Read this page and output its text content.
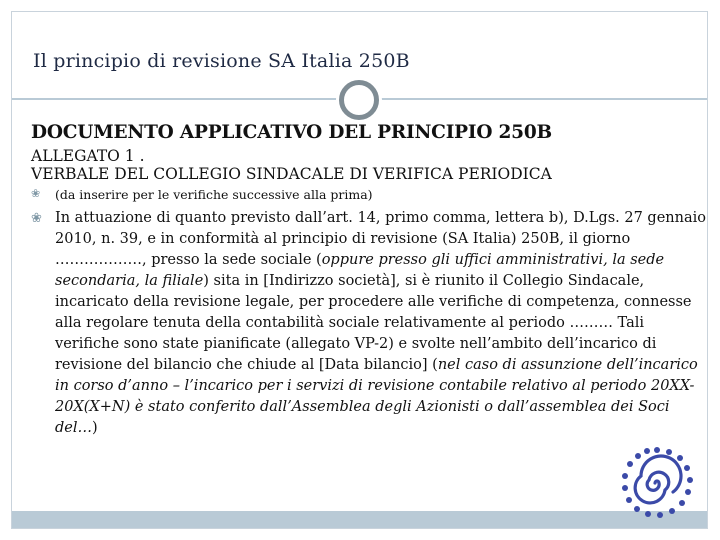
Il principio di revisione SA Italia 250B
DOCUMENTO APPLICATIVO DEL PRINCIPIO 250B
ALLEGATO 1 .
VERBALE DEL COLLEGIO SINDACALE DI VERIFICA PERIODICA
❀ (da inserire per le verifiche successive alla prima)
❀ In attuazione di quanto previsto dall’art. 14, primo comma, lettera b), D.Lgs. 27 gennaio 2010, n. 39, e in conformità al principio di revisione (SA Italia) 250B, il giorno ………………, presso la sede sociale (oppure presso gli uffici amministrativi, la sede secondaria, la filiale) sita in [Indirizzo società], si è riunito il Collegio Sindacale, incaricato della revisione legale, per procedere alle verifiche di competenza, connesse alla regolare tenuta della contabilità sociale relativamente al periodo ……… Tali verifiche sono state pianificate (allegato VP-2) e svolte nell’ambito dell’incarico di revisione del bilancio che chiude al [Data bilancio] (nel caso di assunzione dell’incarico in corso d’anno – l’incarico per i servizi di revisione contabile relativo al periodo 20XX-20X(X+N) è stato conferito dall’Assemblea degli Azionisti o dall’assemblea dei Soci del…)
